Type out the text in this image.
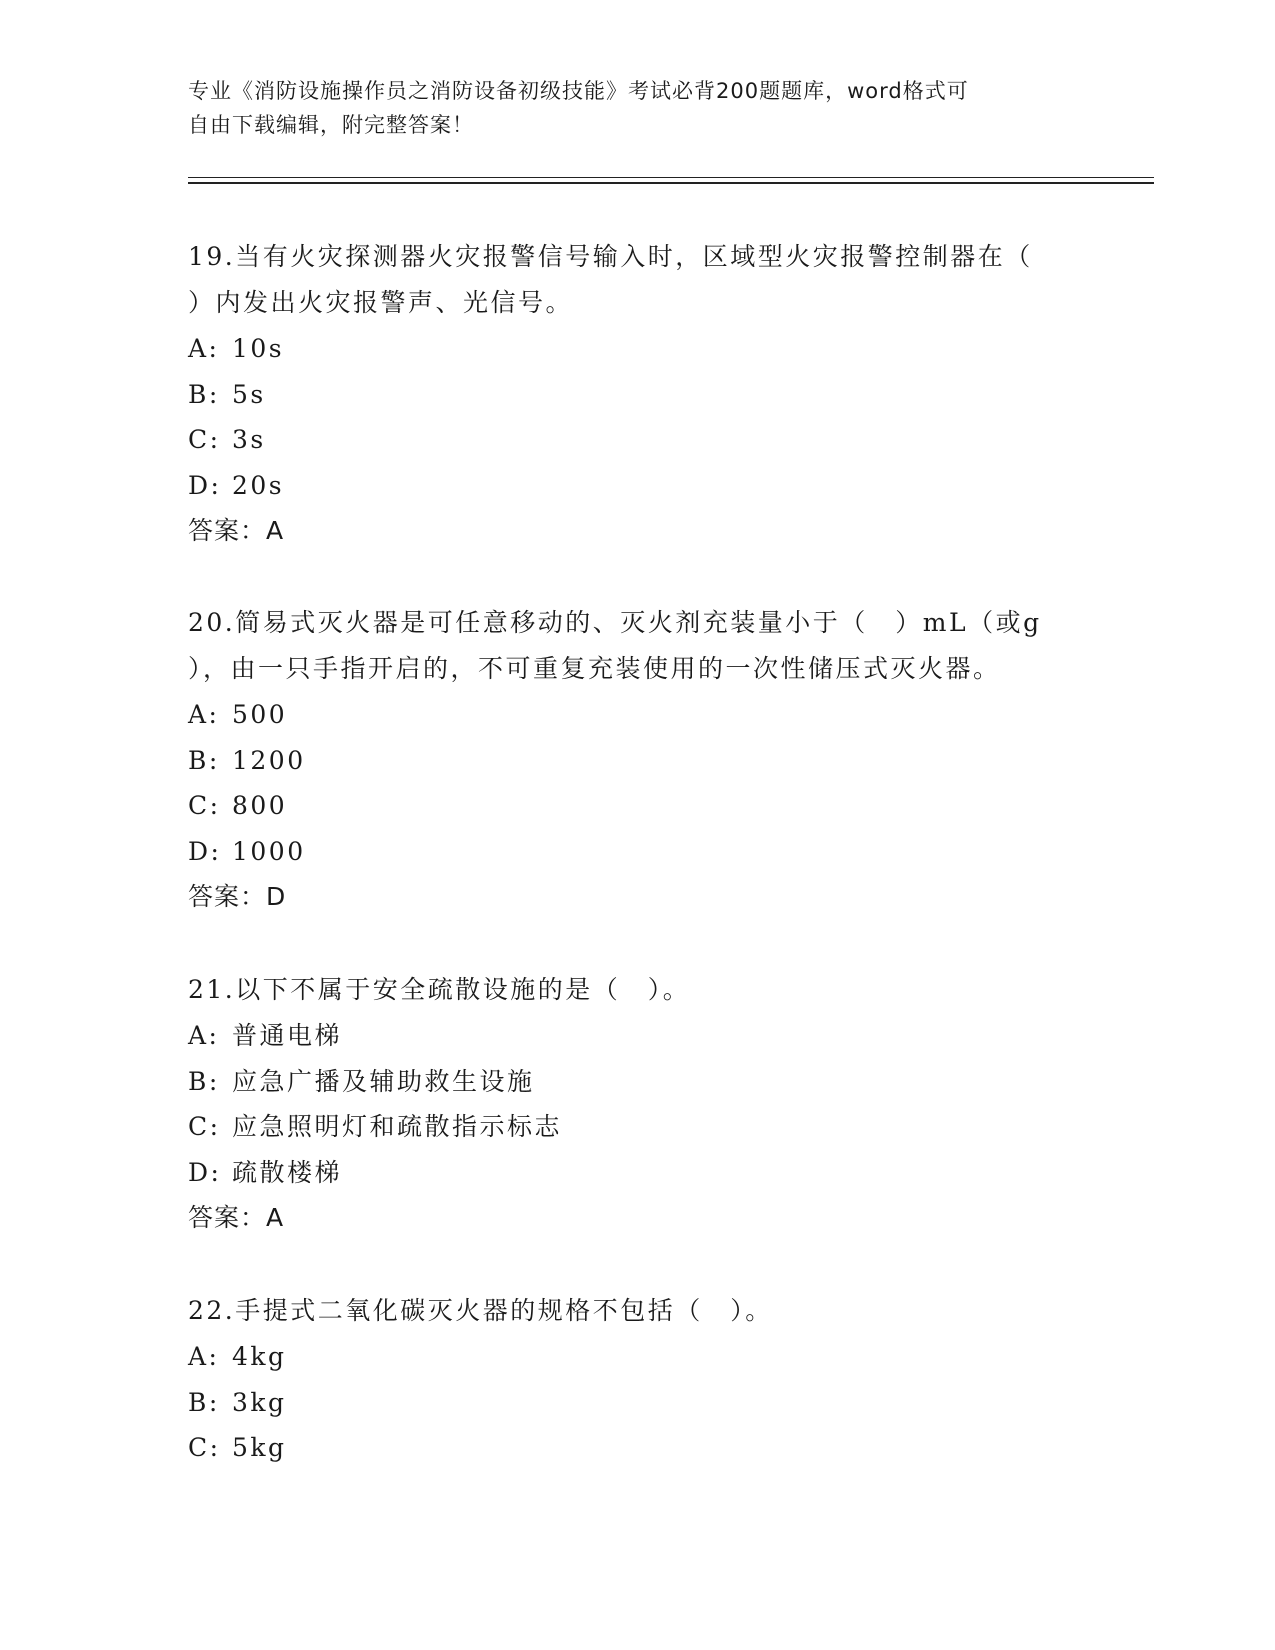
专业《消防设施操作员之消防设备初级技能》考试必背200题题库，word格式可
自由下载编辑，附完整答案！
19.当有火灾探测器火灾报警信号输入时，区域型火灾报警控制器在（
）内发出火灾报警声、光信号。
A: 10s
B: 5s
C: 3s
D: 20s
答案：A
20.简易式灭火器是可任意移动的、灭火剂充装量小于（　）mL（或g
），由一只手指开启的，不可重复充装使用的一次性储压式灭火器。
A: 500
B: 1200
C: 800
D: 1000
答案：D
21.以下不属于安全疏散设施的是（　）。
A: 普通电梯
B: 应急广播及辅助救生设施
C: 应急照明灯和疏散指示标志
D: 疏散楼梯
答案：A
22.手提式二氧化碳灭火器的规格不包括（　）。
A: 4kg
B: 3kg
C: 5kg
